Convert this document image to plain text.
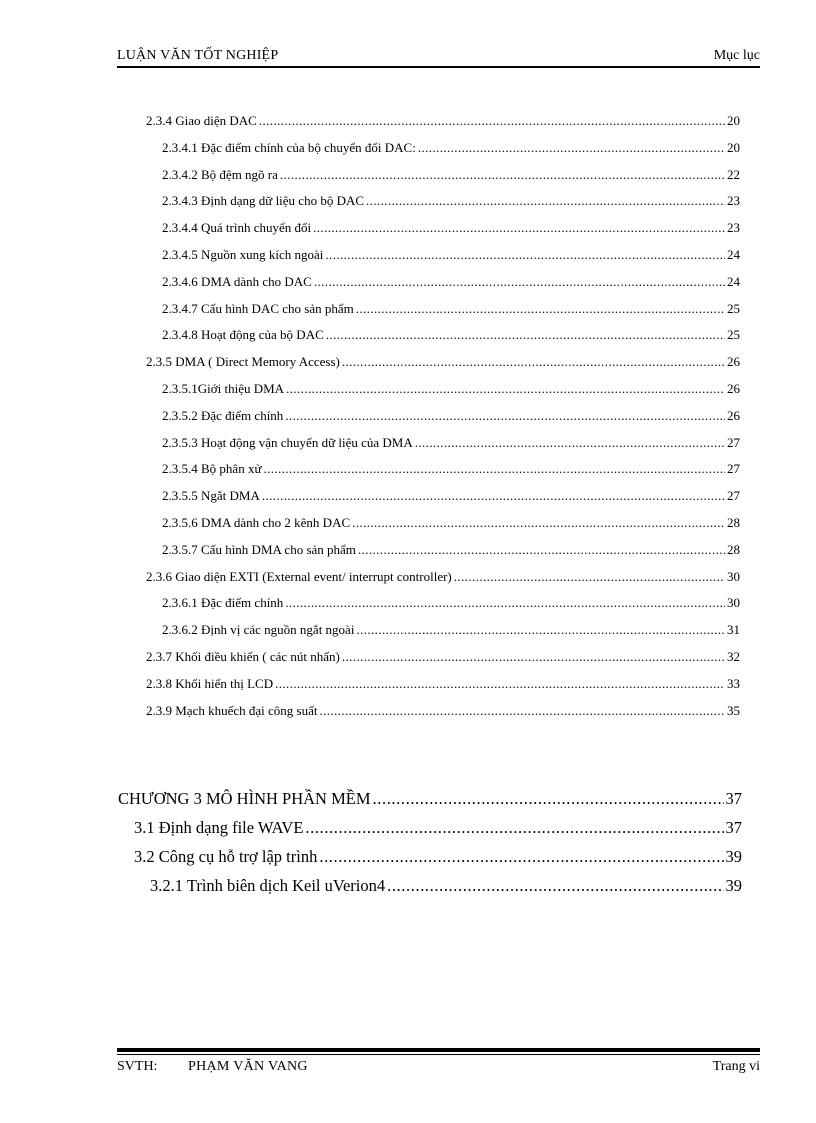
LUẬN VĂN TỐT NGHIỆP	Mục lục
2.3.4 Giao diện DAC .....	20
2.3.4.1 Đặc điểm chính của bộ chuyển đổi DAC: .....	20
2.3.4.2 Bộ đệm ngõ ra .....	22
2.3.4.3 Định dạng dữ liệu cho bộ DAC .....	23
2.3.4.4 Quá trình chuyển đổi .....	23
2.3.4.5 Nguồn xung kích ngoài .....	24
2.3.4.6 DMA dành cho DAC .....	24
2.3.4.7 Cấu hình DAC cho sản phẩm .....	25
2.3.4.8 Hoạt động của bộ DAC .....	25
2.3.5 DMA ( Direct Memory Access) .....	26
2.3.5.1Giới thiệu DMA .....	26
2.3.5.2 Đặc điểm chính .....	26
2.3.5.3 Hoạt động vận chuyển dữ liệu của DMA .....	27
2.3.5.4 Bộ phân xử .....	27
2.3.5.5 Ngắt DMA .....	27
2.3.5.6 DMA dành cho 2 kênh DAC .....	28
2.3.5.7 Cấu hình DMA cho sản phẩm .....	28
2.3.6 Giao diện EXTI (External event/ interrupt controller) .....	30
2.3.6.1 Đặc điểm chính .....	30
2.3.6.2 Định vị các nguồn ngắt ngoài .....	31
2.3.7 Khối điều khiển ( các nút nhấn) .....	32
2.3.8 Khối hiển thị LCD .....	33
2.3.9 Mạch khuếch đại công suất .....	35
CHƯƠNG 3 MÔ HÌNH PHẦN MỀM .....	37
3.1 Định dạng file WAVE .....	37
3.2 Công cụ hỗ trợ lập trình .....	39
3.2.1 Trình biên dịch Keil uVerion4 .....	39
SVTH: PHẠM VĂN VANG	Trang vi
